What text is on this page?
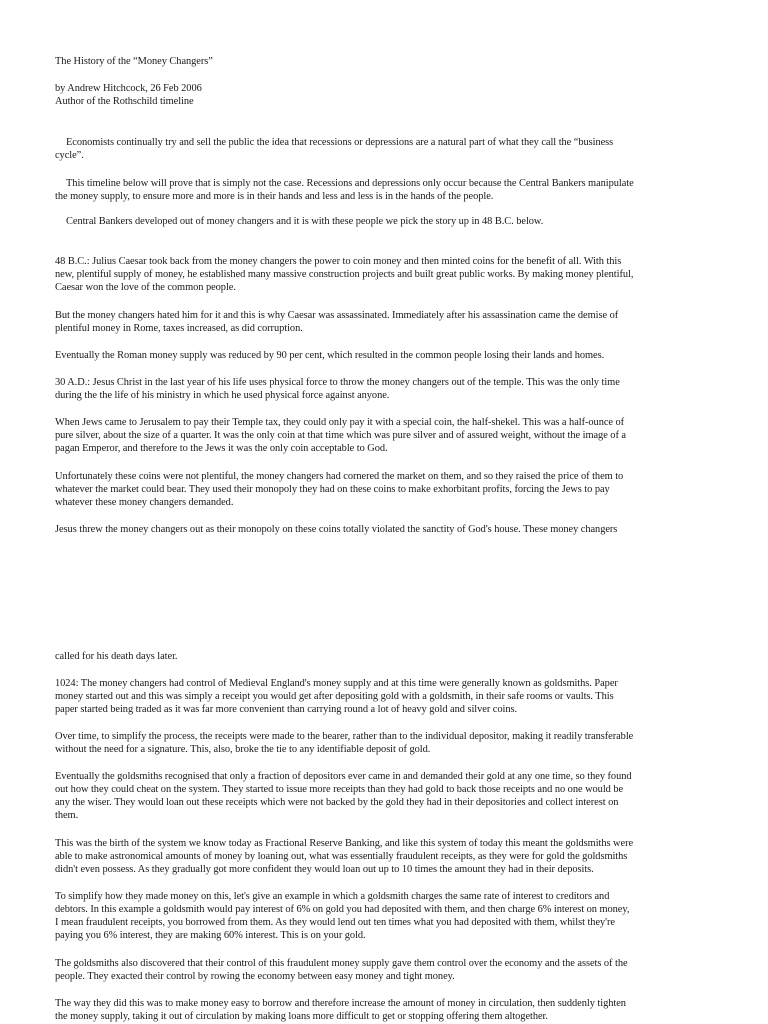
The History of the “Money Changers”
by Andrew Hitchcock, 26 Feb 2006
Author of the Rothschild timeline
Economists continually try and sell the public the idea that recessions or depressions are a natural part of what they call the “business
cycle”.
This timeline below will prove that is simply not the case. Recessions and depressions only occur because the Central Bankers manipulate
the money supply, to ensure more and more is in their hands and less and less is in the hands of the people.
Central Bankers developed out of money changers and it is with these people we pick the story up in 48 B.C. below.
48 B.C.: Julius Caesar took back from the money changers the power to coin money and then minted coins for the benefit of all. With this
new, plentiful supply of money, he established many massive construction projects and built great public works. By making money plentiful,
Caesar won the love of the common people.
But the money changers hated him for it and this is why Caesar was assassinated. Immediately after his assassination came the demise of
plentiful money in Rome, taxes increased, as did corruption.
Eventually the Roman money supply was reduced by 90 per cent, which resulted in the common people losing their lands and homes.
30 A.D.: Jesus Christ in the last year of his life uses physical force to throw the money changers out of the temple. This was the only time
during the the life of his ministry in which he used physical force against anyone.
When Jews came to Jerusalem to pay their Temple tax, they could only pay it with a special coin, the half-shekel. This was a half-ounce of
pure silver, about the size of a quarter. It was the only coin at that time which was pure silver and of assured weight, without the image of a
pagan Emperor, and therefore to the Jews it was the only coin acceptable to God.
Unfortunately these coins were not plentiful, the money changers had cornered the market on them, and so they raised the price of them to
whatever the market could bear. They used their monopoly they had on these coins to make exhorbitant profits, forcing the Jews to pay
whatever these money changers demanded.
Jesus threw the money changers out as their monopoly on these coins totally violated the sanctity of God's house. These money changers
called for his death days later.
1024: The money changers had control of Medieval England's money supply and at this time were generally known as goldsmiths. Paper
money started out and this was simply a receipt you would get after depositing gold with a goldsmith, in their safe rooms or vaults. This
paper started being traded as it was far more convenient than carrying round a lot of heavy gold and silver coins.
Over time, to simplify the process, the receipts were made to the bearer, rather than to the individual depositor, making it readily transferable
without the need for a signature. This, also, broke the tie to any identifiable deposit of gold.
Eventually the goldsmiths recognised that only a fraction of depositors ever came in and demanded their gold at any one time, so they found
out how they could cheat on the system. They started to issue more receipts than they had gold to back those receipts and no one would be
any the wiser. They would loan out these receipts which were not backed by the gold they had in their depositories and collect interest on
them.
This was the birth of the system we know today as Fractional Reserve Banking, and like this system of today this meant the goldsmiths were
able to make astronomical amounts of money by loaning out, what was essentially fraudulent receipts, as they were for gold the goldsmiths
didn't even possess. As they gradually got more confident they would loan out up to 10 times the amount they had in their deposits.
To simplify how they made money on this, let's give an example in which a goldsmith charges the same rate of interest to creditors and
debtors. In this example a goldsmith would pay interest of 6% on gold you had deposited with them, and then charge 6% interest on money,
I mean fraudulent receipts, you borrowed from them. As they would lend out ten times what you had deposited with them, whilst they're
paying you 6% interest, they are making 60% interest. This is on your gold.
The goldsmiths also discovered that their control of this fraudulent money supply gave them control over the economy and the assets of the
people. They exacted their control by rowing the economy between easy money and tight money.
The way they did this was to make money easy to borrow and therefore increase the amount of money in circulation, then suddenly tighten
the money supply, taking it out of circulation by making loans more difficult to get or stopping offering them altogether.
